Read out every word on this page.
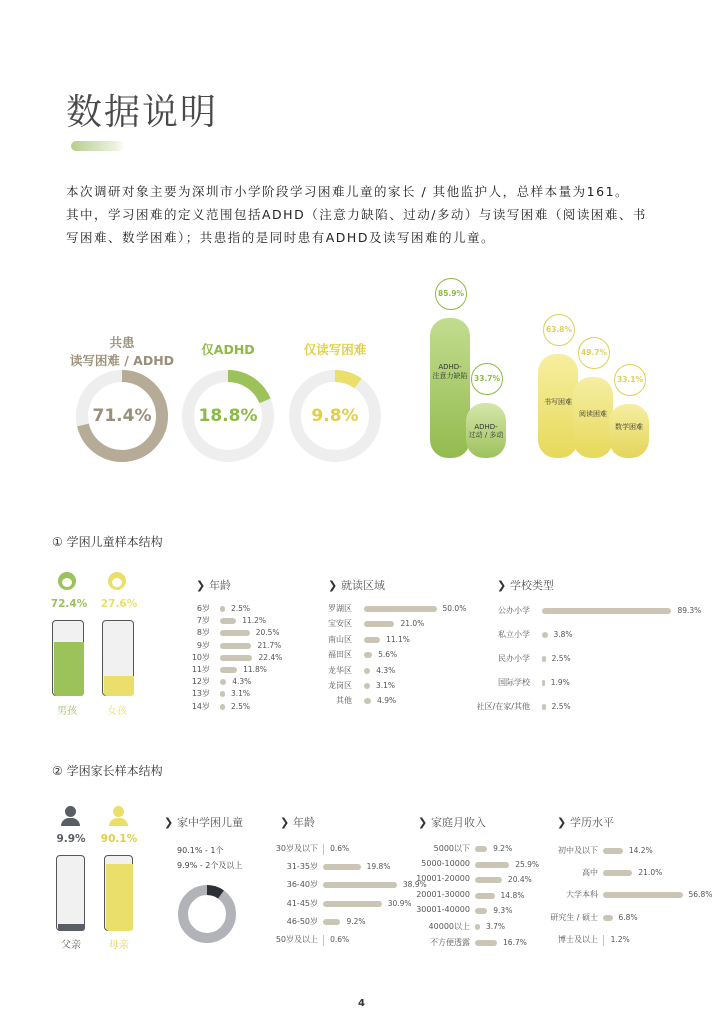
数据说明
本次调研对象主要为深圳市小学阶段学习困难儿童的家长 / 其他监护人，总样本量为161。
其中，学习困难的定义范围包括ADHD（注意力缺陷、过动/多动）与读写困难（阅读困难、书
写困难、数学困难）；共患指的是同时患有ADHD及读写困难的儿童。
共患
读写困难 / ADHD
71.4%
仅ADHD
18.8%
仅读写困难
9.8%
85.9%
ADHD-
注意力缺陷 33.7%
ADHD-
过动 / 多动
63.8%
书写困难
49.7%
阅读困难
33.1%
数学困难
① 学困儿童样本结构
72.4%
男孩
27.6%
女孩
❯ 年龄
6岁	2.5%
7岁	11.2%
8岁	20.5%
9岁	21.7%
10岁	22.4%
11岁	11.8%
12岁	4.3%
13岁	3.1%
14岁	2.5%
❯ 就读区域
罗湖区	50.0%
宝安区	21.0%
南山区	11.1%
福田区	5.6%
龙华区	4.3%
龙岗区	3.1%
其他	4.9%
❯ 学校类型
公办小学	89.3%
私立小学	3.8%
民办小学	2.5%
国际学校	1.9%
社区/在家/其他	2.5%
② 学困家长样本结构
9.9%
父亲
90.1%
母亲
❯ 家中学困儿童
90.1% - 1个
9.9% - 2个及以上
❯ 年龄
30岁及以下 0.6%
31-35岁	19.8%
36-40岁	38.9%
41-45岁	30.9%
46-50岁	9.2%
50岁及以上 0.6%
❯ 家庭月收入
5000以下	9.2%
5000-10000	25.9%
10001-20000	20.4%
20001-30000	14.8%
30001-40000	9.3%
40000以上 3.7%
不方便透露	16.7%
❯ 学历水平
初中及以下	14.2%
高中	21.0%
大学本科	56.8%
研究生 / 硕士	6.8%
博士及以上 1.2%
4
